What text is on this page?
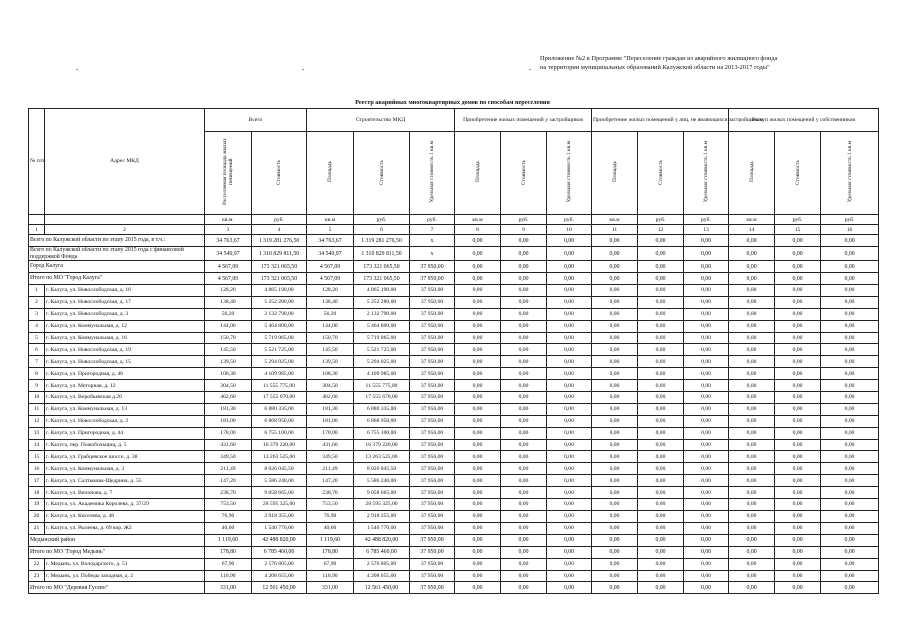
Приложение №2 к Программе "Переселение граждан из аварийного жилищного фонда
на территории муниципальных образований Калужской области на 2013-2017 годы"
.	.	.
Реестр аварийных многоквартирных домов по способам переселения
№ п/п	Адрес МКД	Всего		Строительство МКД			Приобретение жилых помещений у застройщиков			Приобретение жилых помещений у лиц, не являющихся застройщиком			Выкуп жилых помещений у собственников		
		Расселяемая площадь жилых помещений	Стоимость	Площадь	Стоимость	Удельная стоимость 1 кв.м	Площадь	Стоимость	Удельная стоимость 1 кв.м	Площадь	Стоимость	Удельная стоимость 1 кв.м	Площадь	Стоимость	Удельная стоимость 1 кв.м
		кв.м.	руб.	кв.м	руб.	руб.	кв.м	руб.	руб.	кв.м	руб.	руб.	кв.м	руб.	руб.
1	2	3	4	5	6	7	8	9	10	11	12	13	14	15	16
Всего по Калужской области по этапу 2015 года, в т.ч.:		34 763,67	1 319 281 276,50	34 763,67	1 319 281 276,50	х	0,00	0,00	0,00	0,00	0,00	0,00	0,00	0,00	0,00
Всего по Калужской области по этапу 2015 года с финансовой поддержкой Фонда		34 540,97	1 310 829 811,50	34 540,97	1 310 829 811,50	х	0,00	0,00	0,00	0,00	0,00	0,00	0,00	0,00	0,00
Город Калуга		4 567,09	173 321 065,50	4 567,09	173 321 065,50	37 950,00	0,00	0,00	0,00	0,00	0,00	0,00	0,00	0,00	0,00
Итого по МО "Город Калуга"		4 567,09	173 321 065,50	4 567,09	173 321 065,50	37 950,00	0,00	0,00	0,00	0,00	0,00	0,00	0,00	0,00	0,00
1	г. Калуга, ул. Новослободская, д. 16	128,20	4 865 190,00	128,20	4 865 190,00	37 950,00	0,00	0,00	0,00	0,00	0,00	0,00	0,00	0,00	0,00
2	г. Калуга, ул. Новослободская, д. 17	138,40	5 252 280,00	138,40	5 252 280,00	37 950,00	0,00	0,00	0,00	0,00	0,00	0,00	0,00	0,00	0,00
3	г. Калуга, ул. Новослободская, д. 3	56,20	2 132 790,00	56,20	2 132 790,00	37 950,00	0,00	0,00	0,00	0,00	0,00	0,00	0,00	0,00	0,00
4	г. Калуга, ул. Коммунальная, д. 12	144,00	5 464 800,00	144,00	5 464 800,00	37 950,00	0,00	0,00	0,00	0,00	0,00	0,00	0,00	0,00	0,00
5	г. Калуга, ул. Коммунальная, д. 16	150,70	5 719 065,00	150,70	5 719 065,00	37 950,00	0,00	0,00	0,00	0,00	0,00	0,00	0,00	0,00	0,00
6	г. Калуга, ул. Новослободская, д. 19	145,50	5 521 725,00	145,50	5 521 725,00	37 950,00	0,00	0,00	0,00	0,00	0,00	0,00	0,00	0,00	0,00
7	г. Калуга, ул. Новослободская, д. 15	139,50	5 294 025,00	139,50	5 294 025,00	37 950,00	0,00	0,00	0,00	0,00	0,00	0,00	0,00	0,00	0,00
8	г. Калуга, ул. Пригородная, д. 46	108,30	4 109 985,00	108,30	4 109 985,00	37 950,00	0,00	0,00	0,00	0,00	0,00	0,00	0,00	0,00	0,00
9	г. Калуга, ул. Моторная, д. 12	304,50	11 555 775,00	304,50	11 555 775,00	37 950,00	0,00	0,00	0,00	0,00	0,00	0,00	0,00	0,00	0,00
10	г. Калуга, ул. Воробьевская д.26	462,60	17 555 670,00	462,60	17 555 670,00	37 950,00	0,00	0,00	0,00	0,00	0,00	0,00	0,00	0,00	0,00
11	г. Калуга, ул. Коммунальная, д. 13	181,30	6 880 335,00	181,30	6 880 335,00	37 950,00	0,00	0,00	0,00	0,00	0,00	0,00	0,00	0,00	0,00
12	г. Калуга, ул. Новослободская, д. 2	181,00	6 868 950,00	181,00	6 868 950,00	37 950,00	0,00	0,00	0,00	0,00	0,00	0,00	0,00	0,00	0,00
13	г. Калуга, ул. Пригородная, д. 44	178,00	6 755 100,00	178,00	6 755 100,00	37 950,00	0,00	0,00	0,00	0,00	0,00	0,00	0,00	0,00	0,00
14	г. Калуга, пер. Пожобольщиц, д. 5	431,60	16 379 220,00	431,60	16 379 220,00	37 950,00	0,00	0,00	0,00	0,00	0,00	0,00	0,00	0,00	0,00
15	г. Калуга, ул. Грабцевское шоссе, д. 38	349,50	13 263 525,00	349,50	13 263 525,00	37 950,00	0,00	0,00	0,00	0,00	0,00	0,00	0,00	0,00	0,00
16	г. Калуга, ул. Коммунальная, д. 3	211,49	8 026 045,50	211,49	8 026 045,50	37 950,00	0,00	0,00	0,00	0,00	0,00	0,00	0,00	0,00	0,00
17	г. Калуга, ул. Салтыкова-Щедрина, д. 55	147,20	5 586 240,00	147,20	5 586 240,00	37 950,00	0,00	0,00	0,00	0,00	0,00	0,00	0,00	0,00	0,00
18	г. Калуга, ул. Вилонова, д. 7	238,70	9 058 665,00	238,70	9 058 665,00	37 950,00	0,00	0,00	0,00	0,00	0,00	0,00	0,00	0,00	0,00
19	г. Калуга, ул. Академика Королева, д. 37/29	753,50	28 595 325,00	753,50	28 595 325,00	37 950,00	0,00	0,00	0,00	0,00	0,00	0,00	0,00	0,00	0,00
20	г. Калуга, ул. Киселева, д. 48	76,90	2 918 355,00	76,90	2 918 355,00	37 950,00	0,00	0,00	0,00	0,00	0,00	0,00	0,00	0,00	0,00
21	г. Калуга, ул. Рылеева, д. 69 кор. Ж2	40,60	1 540 770,00	40,60	1 540 770,00	37 950,00	0,00	0,00	0,00	0,00	0,00	0,00	0,00	0,00	0,00
Медынский район		1 119,60	42 488 820,00	1 119,60	42 488 820,00	37 950,00	0,00	0,00	0,00	0,00	0,00	0,00	0,00	0,00	0,00
Итого по МО "Город Медынь"		178,80	6 785 460,00	178,80	6 785 460,00	37 950,00	0,00	0,00	0,00	0,00	0,00	0,00	0,00	0,00	0,00
22	г. Медынь, ул. Володарского, д. 51	67,90	2 576 805,00	67,90	2 576 805,00	37 950,00	0,00	0,00	0,00	0,00	0,00	0,00	0,00	0,00	0,00
23	г. Медынь, ул. Победы западная, д. 2	110,90	4 208 655,00	110,90	4 208 655,00	37 950,00	0,00	0,00	0,00	0,00	0,00	0,00	0,00	0,00	0,00
Итого по МО "Деревня Гусево"		331,00	12 561 450,00	331,00	12 561 450,00	37 950,00	0,00	0,00	0,00	0,00	0,00	0,00	0,00	0,00	0,00
